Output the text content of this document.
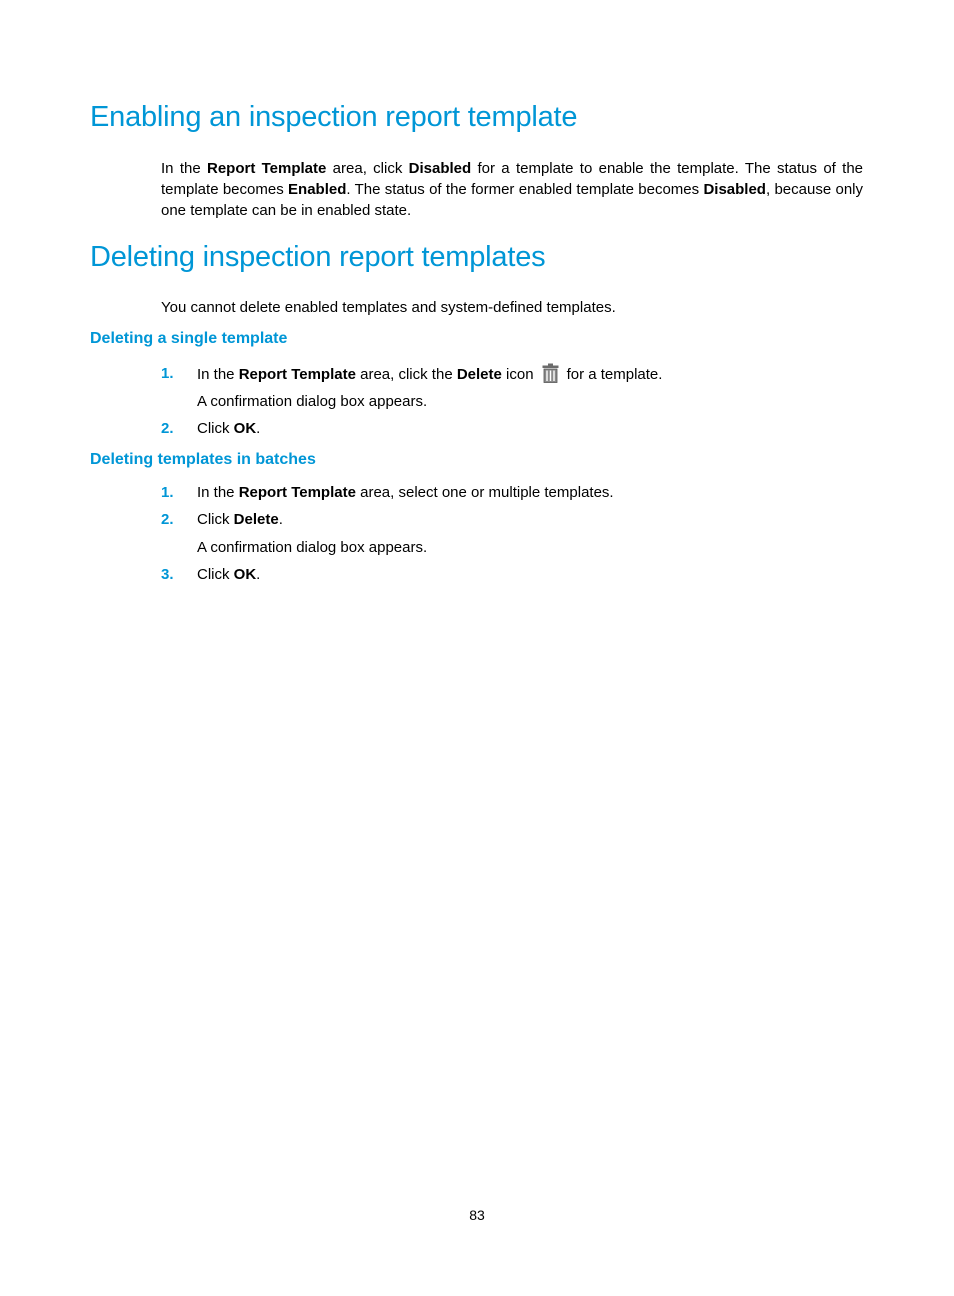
Enabling an inspection report template

In the Report Template area, click Disabled for a template to enable the template. The status of the template becomes Enabled. The status of the former enabled template becomes Disabled, because only one template can be in enabled state.

Deleting inspection report templates

You cannot delete enabled templates and system-defined templates.

Deleting a single template
1. In the Report Template area, click the Delete icon for a template.

A confirmation dialog box appears.

2. Click OK.

Deleting templates in batches
1. In the Report Template area, select one or multiple templates.

2. Click Delete.

A confirmation dialog box appears.

3. Click OK.

83
